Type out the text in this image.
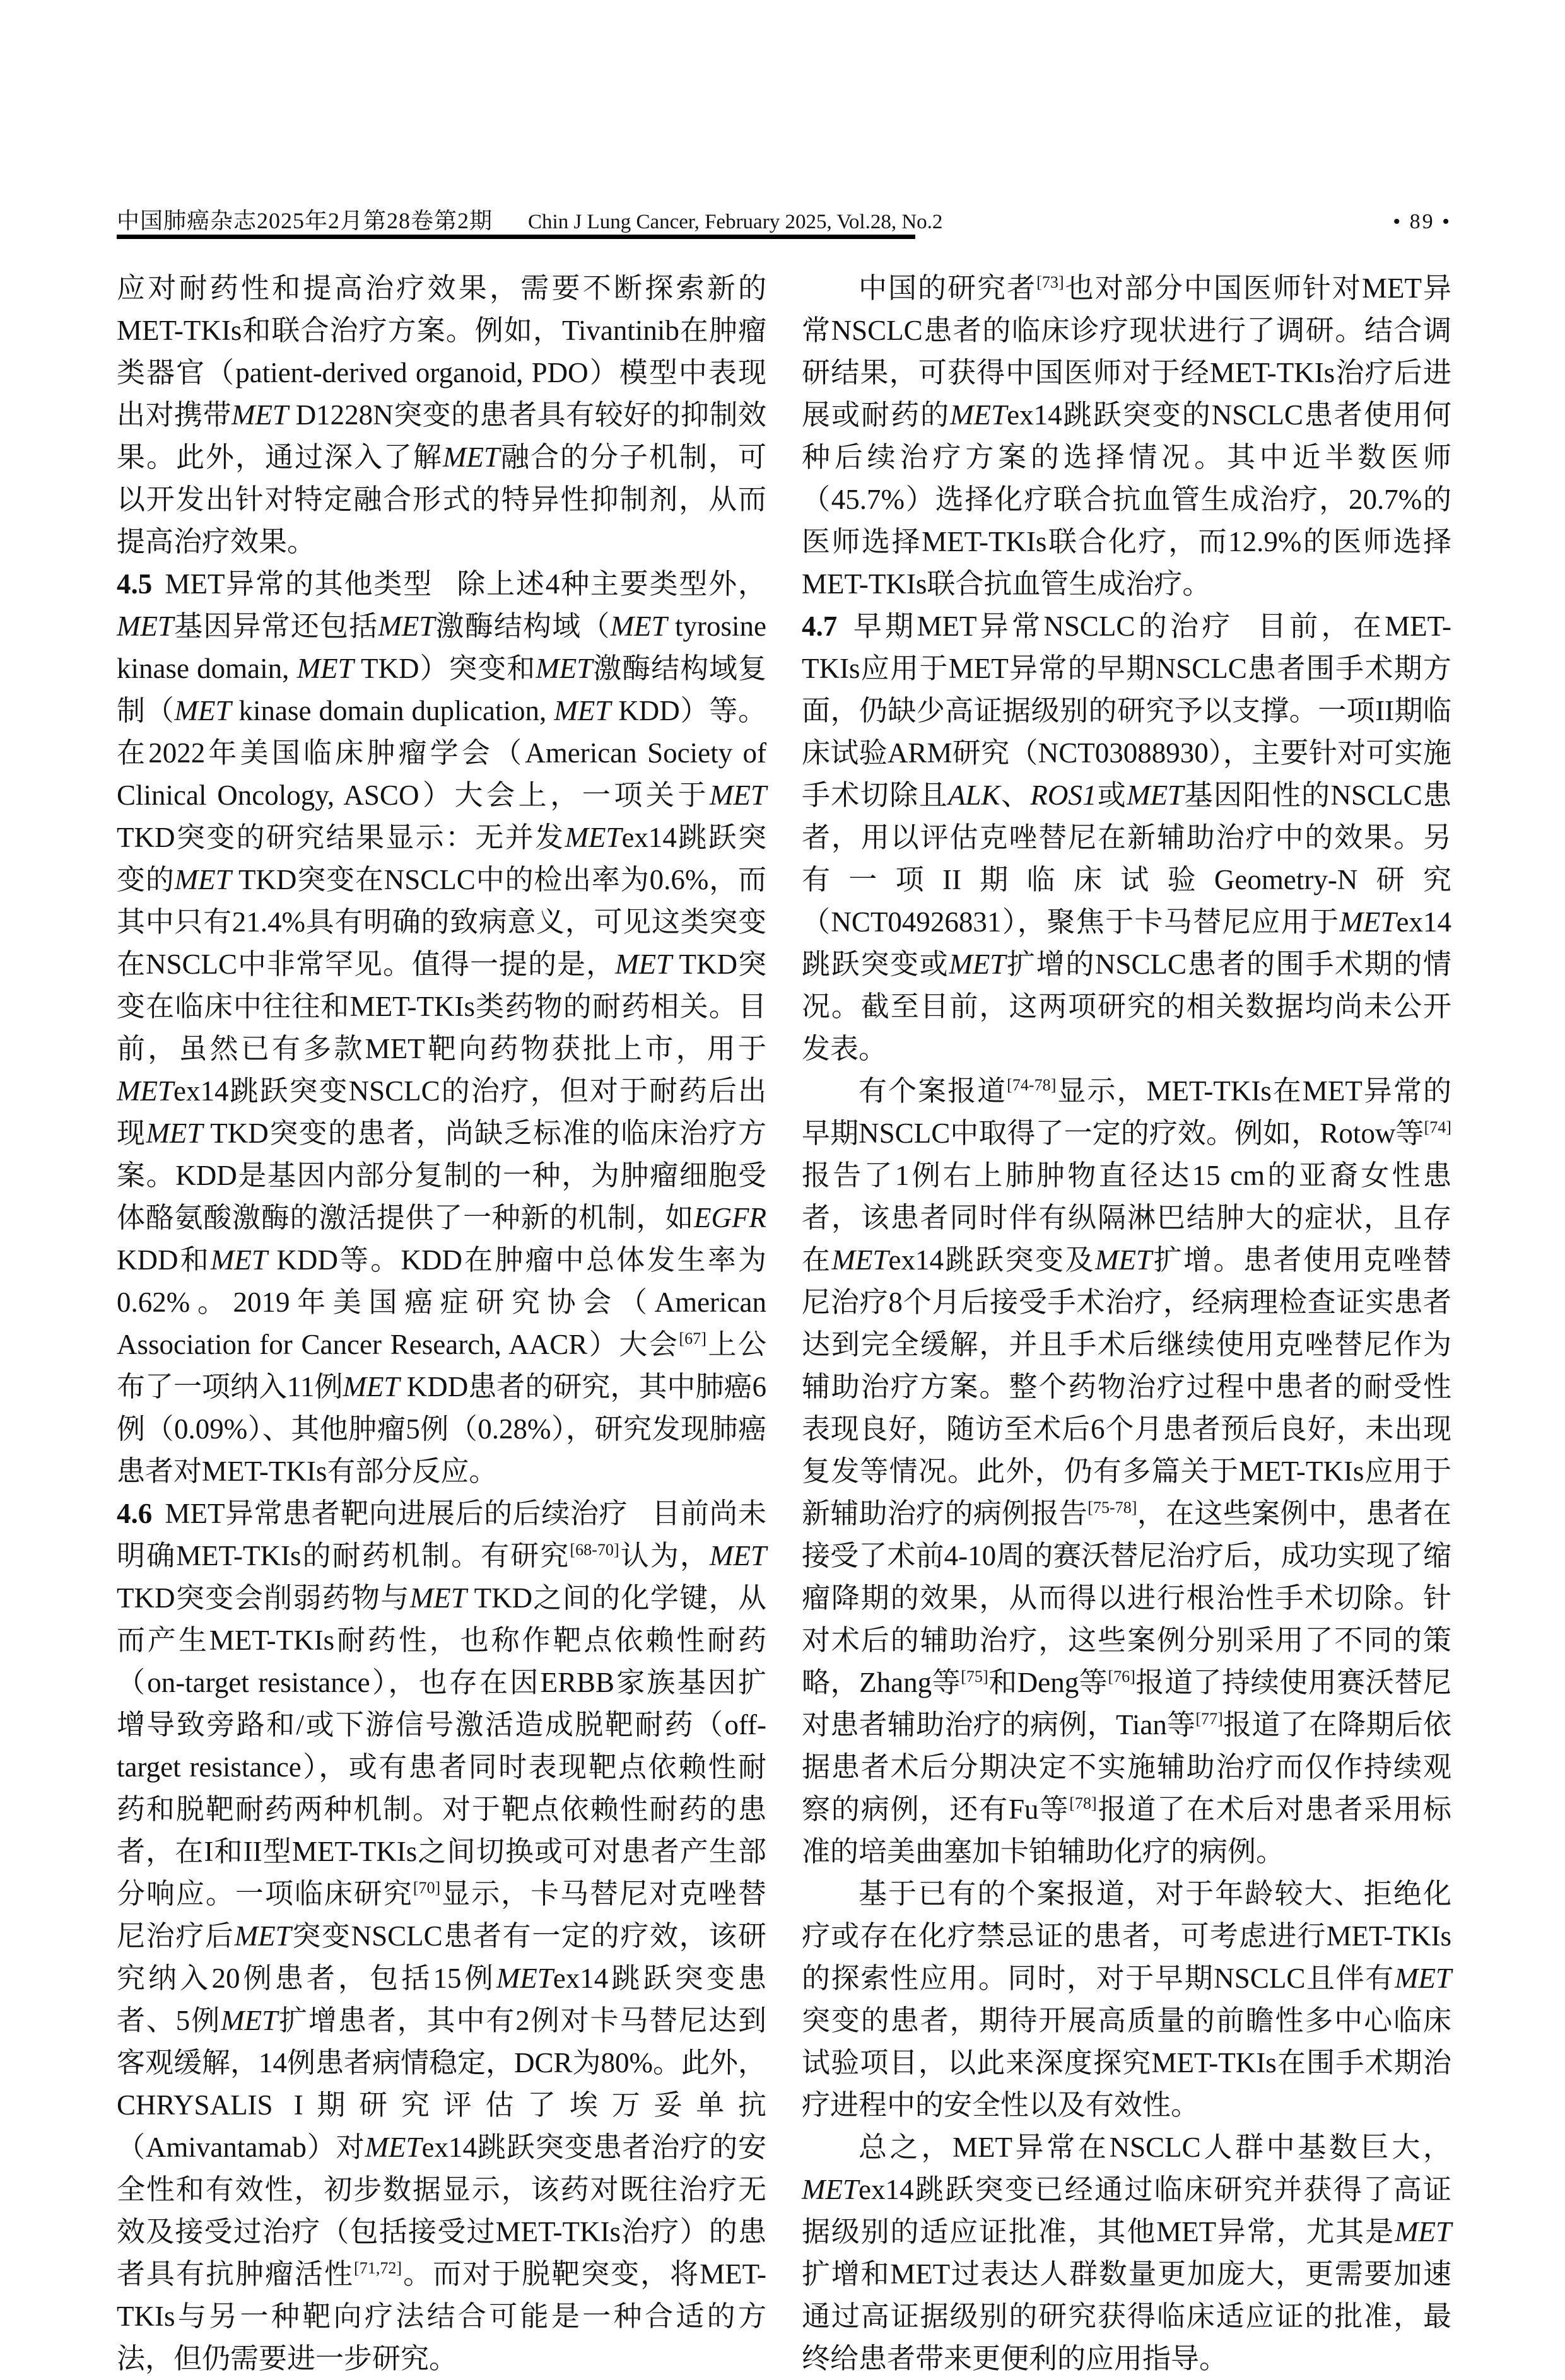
中国肺癌杂志2025年2月第28卷第2期 Chin J Lung Cancer, February 2025, Vol.28, No.2	• 89 •

应对耐药性和提高治疗效果，需要不断探索新的MET-TKIs和联合治疗方案。例如，Tivantinib在肿瘤类器官（patient-derived organoid, PDO）模型中表现出对携带MET D1228N突变的患者具有较好的抑制效果。此外，通过深入了解MET融合的分子机制，可以开发出针对特定融合形式的特异性抑制剂，从而提高治疗效果。

4.5 MET异常的其他类型 除上述4种主要类型外，MET基因异常还包括MET激酶结构域（MET tyrosine kinase domain, MET TKD）突变和MET激酶结构域复制（MET kinase domain duplication, MET KDD）等。在2022年美国临床肿瘤学会（American Society of Clinical Oncology, ASCO）大会上，一项关于MET TKD突变的研究结果显示：无并发METex14跳跃突变的MET TKD突变在NSCLC中的检出率为0.6%，而其中只有21.4%具有明确的致病意义，可见这类突变在NSCLC中非常罕见。值得一提的是，MET TKD突变在临床中往往和MET-TKIs类药物的耐药相关。目前，虽然已有多款MET靶向药物获批上市，用于METex14跳跃突变NSCLC的治疗，但对于耐药后出现MET TKD突变的患者，尚缺乏标准的临床治疗方案。KDD是基因内部分复制的一种，为肿瘤细胞受体酪氨酸激酶的激活提供了一种新的机制，如EGFR KDD和MET KDD等。KDD在肿瘤中总体发生率为0.62%。2019年美国癌症研究协会（American Association for Cancer Research, AACR）大会[67]上公布了一项纳入11例MET KDD患者的研究，其中肺癌6例（0.09%）、其他肿瘤5例（0.28%），研究发现肺癌患者对MET-TKIs有部分反应。

4.6 MET异常患者靶向进展后的后续治疗 目前尚未明确MET-TKIs的耐药机制。有研究[68-70]认为，MET TKD突变会削弱药物与MET TKD之间的化学键，从而产生MET-TKIs耐药性，也称作靶点依赖性耐药（on-target resistance），也存在因ERBB家族基因扩增导致旁路和/或下游信号激活造成脱靶耐药（off-target resistance），或有患者同时表现靶点依赖性耐药和脱靶耐药两种机制。对于靶点依赖性耐药的患者，在I和II型MET-TKIs之间切换或可对患者产生部分响应。一项临床研究[70]显示，卡马替尼对克唑替尼治疗后MET突变NSCLC患者有一定的疗效，该研究纳入20例患者，包括15例METex14跳跃突变患者、5例MET扩增患者，其中有2例对卡马替尼达到客观缓解，14例患者病情稳定，DCR为80%。此外，CHRYSALIS I期研究评估了埃万妥单抗（Amivantamab）对METex14跳跃突变患者治疗的安全性和有效性，初步数据显示，该药对既往治疗无效及接受过治疗（包括接受过MET-TKIs治疗）的患者具有抗肿瘤活性[71,72]。而对于脱靶突变，将MET-TKIs与另一种靶向疗法结合可能是一种合适的方法，但仍需要进一步研究。

中国的研究者[73]也对部分中国医师针对MET异常NSCLC患者的临床诊疗现状进行了调研。结合调研结果，可获得中国医师对于经MET-TKIs治疗后进展或耐药的METex14跳跃突变的NSCLC患者使用何种后续治疗方案的选择情况。其中近半数医师（45.7%）选择化疗联合抗血管生成治疗，20.7%的医师选择MET-TKIs联合化疗，而12.9%的医师选择MET-TKIs联合抗血管生成治疗。

4.7 早期MET异常NSCLC的治疗 目前，在MET-TKIs应用于MET异常的早期NSCLC患者围手术期方面，仍缺少高证据级别的研究予以支撑。一项II期临床试验ARM研究（NCT03088930），主要针对可实施手术切除且ALK、ROS1或MET基因阳性的NSCLC患者，用以评估克唑替尼在新辅助治疗中的效果。另有一项II期临床试验Geometry-N研究（NCT04926831），聚焦于卡马替尼应用于METex14跳跃突变或MET扩增的NSCLC患者的围手术期的情况。截至目前，这两项研究的相关数据均尚未公开发表。

有个案报道[74-78]显示，MET-TKIs在MET异常的早期NSCLC中取得了一定的疗效。例如，Rotow等[74]报告了1例右上肺肿物直径达15 cm的亚裔女性患者，该患者同时伴有纵隔淋巴结肿大的症状，且存在METex14跳跃突变及MET扩增。患者使用克唑替尼治疗8个月后接受手术治疗，经病理检查证实患者达到完全缓解，并且手术后继续使用克唑替尼作为辅助治疗方案。整个药物治疗过程中患者的耐受性表现良好，随访至术后6个月患者预后良好，未出现复发等情况。此外，仍有多篇关于MET-TKIs应用于新辅助治疗的病例报告[75-78]，在这些案例中，患者在接受了术前4-10周的赛沃替尼治疗后，成功实现了缩瘤降期的效果，从而得以进行根治性手术切除。针对术后的辅助治疗，这些案例分别采用了不同的策略，Zhang等[75]和Deng等[76]报道了持续使用赛沃替尼对患者辅助治疗的病例，Tian等[77]报道了在降期后依据患者术后分期决定不实施辅助治疗而仅作持续观察的病例，还有Fu等[78]报道了在术后对患者采用标准的培美曲塞加卡铂辅助化疗的病例。

基于已有的个案报道，对于年龄较大、拒绝化疗或存在化疗禁忌证的患者，可考虑进行MET-TKIs的探索性应用。同时，对于早期NSCLC且伴有MET突变的患者，期待开展高质量的前瞻性多中心临床试验项目，以此来深度探究MET-TKIs在围手术期治疗进程中的安全性以及有效性。

总之，MET异常在NSCLC人群中基数巨大，METex14跳跃突变已经通过临床研究并获得了高证据级别的适应证批准，其他MET异常，尤其是MET扩增和MET过表达人群数量更加庞大，更需要加速通过高证据级别的研究获得临床适应证的批准，最终给患者带来更便利的应用指导。
